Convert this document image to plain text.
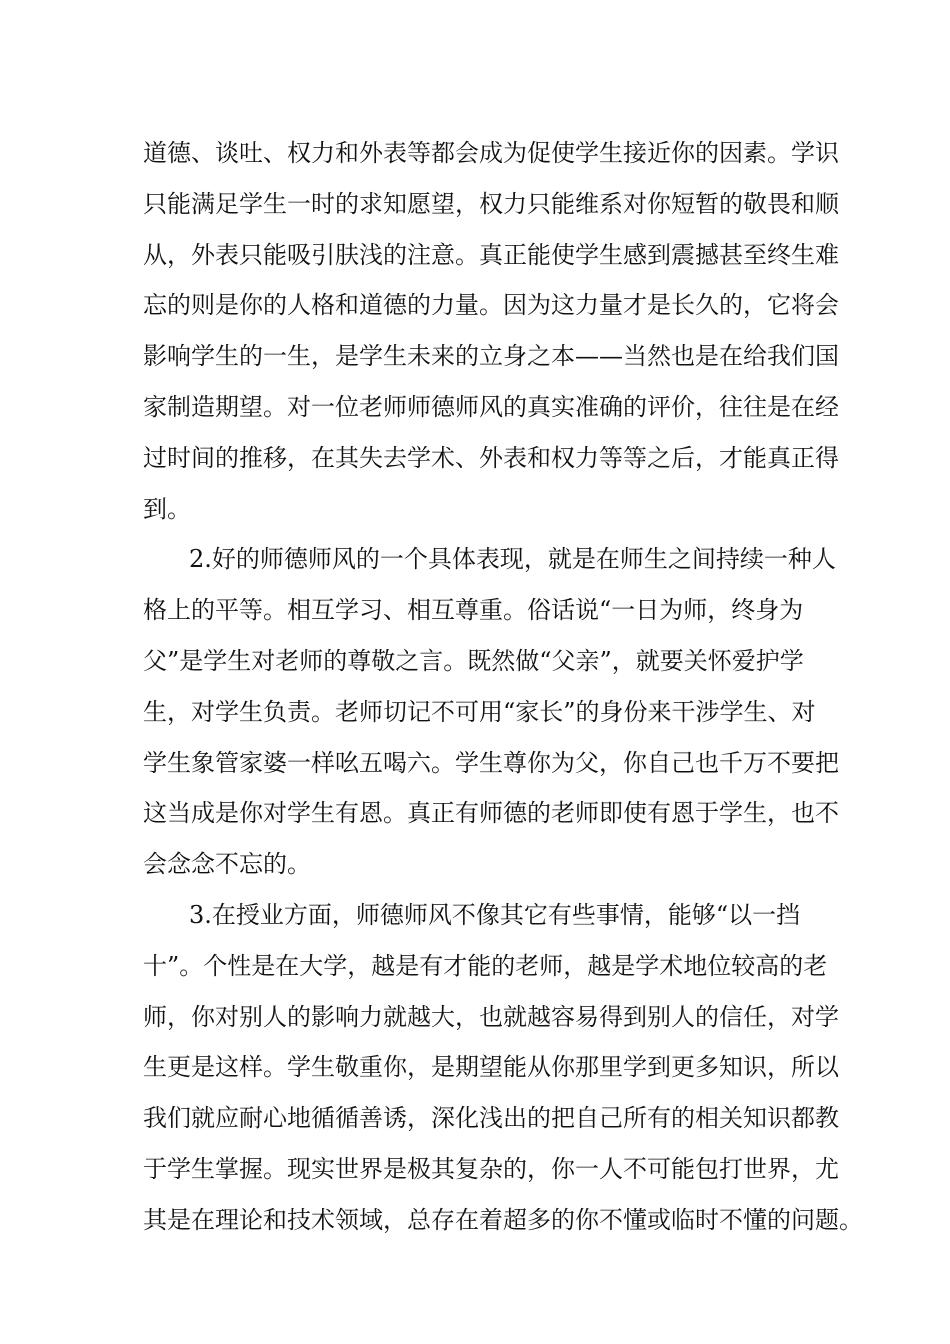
道德、谈吐、权力和外表等都会成为促使学生接近你的因素。学识
只能满足学生一时的求知愿望，权力只能维系对你短暂的敬畏和顺
从，外表只能吸引肤浅的注意。真正能使学生感到震撼甚至终生难
忘的则是你的人格和道德的力量。因为这力量才是长久的，它将会
影响学生的一生，是学生未来的立身之本——当然也是在给我们国
家制造期望。对一位老师师德师风的真实准确的评价，往往是在经
过时间的推移，在其失去学术、外表和权力等等之后，才能真正得
到。
2.好的师德师风的一个具体表现，就是在师生之间持续一种人
格上的平等。相互学习、相互尊重。俗话说“一日为师，终身为
父”是学生对老师的尊敬之言。既然做“父亲”，就要关怀爱护学
生，对学生负责。老师切记不可用“家长”的身份来干涉学生、对
学生象管家婆一样吆五喝六。学生尊你为父，你自己也千万不要把
这当成是你对学生有恩。真正有师德的老师即使有恩于学生，也不
会念念不忘的。
3.在授业方面，师德师风不像其它有些事情，能够“以一挡
十”。个性是在大学，越是有才能的老师，越是学术地位较高的老
师，你对别人的影响力就越大，也就越容易得到别人的信任，对学
生更是这样。学生敬重你，是期望能从你那里学到更多知识，所以
我们就应耐心地循循善诱，深化浅出的把自己所有的相关知识都教
于学生掌握。现实世界是极其复杂的，你一人不可能包打世界，尤
其是在理论和技术领域，总存在着超多的你不懂或临时不懂的问题。
